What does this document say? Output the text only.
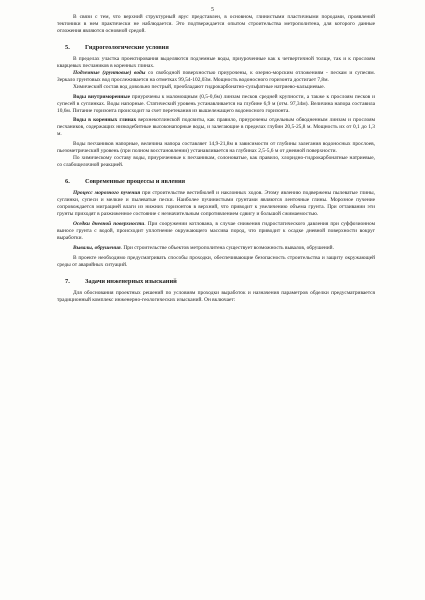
5

В связи с тем, что верхний структурный ярус представлен, в основном, глинистыми пластичными породами, проявлений тектоники в нем практически не наблюдается. Это подтверждается опытом строительства метрополитена, для которого данные отложения являются основной средой.

5. Гидрогеологические условия

В пределах участка проектирования выделяются подземные воды, приуроченные как к четвертичной толще, так и к прослоям кварцевых песчаников в коренных глинах.

Подземные (грунтовые) воды со свободной поверхностью приурочены, к озерно-морским отложениям - пескам и супесям. Зеркало грунтовых вод прослеживается на отметках 99,54-102,03м. Мощность водоносного горизонта достигает 7,8м.

Химический состав вод довольно пестрый, преобладают гидрокарбонатно-сульфатные натриево-кальциевые.

Воды внутриморенные приурочены к маломощным (0,5-0,6м) линзам песков средней крупности, а также к прослоям песков и супесей в суглинках. Воды напорные. Статический уровень устанавливается на глубине 6,9 м (отм. 97,34м). Величина напора составила 10,6м. Питание горизонта происходит за счет перетекания из вышележащего водоносного горизонта.

Воды в коренных глинах верхнекотлинской подсвиты, как правило, приурочены отдельным обводненным линзам и прослоям песчаников, содержащих низкодебитные высоконапорные воды, и залегающие в пределах глубин 20,5-25,8 м. Мощность их от 0,1 до 1,3 м.

Воды песчаников напорные, величина напора составляет 14,9-21,8м в зависимости от глубины залегания водоносных прослоев, пьезометрический уровень (при полном восстановлении) устанавливается на глубинах 2,5-5,6 м от дневной поверхности.

По химическому составу воды, приуроченные к песчаникам, солоноватые, как правило, хлоридно-гидрокарбонатные натриевые, со слабощелочной реакцией.

6. Современные процессы и явления

Процесс морозного пучения при строительстве вестибюлей и наклонных ходов. Этому явлению подвержены пылеватые глины, суглинки, супеси и мелкие и пылеватые пески. Наиболее пучинистыми грунтами являются ленточные глины. Морозное пучение сопровождается миграцией влаги из нижних горизонтов в верхний, что приводит к увеличению объема грунта. При оттаивании эти грунты приходят в разжиженное состояние с незначительным сопротивлением сдвигу и большой сжимаемостью.

Оседки дневной поверхности. При сооружении котлована, в случае снижения гидростатического давления при суффозионном выносе грунта с водой, происходит уплотнение окружающего массива пород, что приводит к осадке дневной поверхности вокруг выработки.

Вывалы, обрушения. При строительстве объектов метрополитена существует возможность вывалов, обрушений.

В проекте необходимо предусматривать способы проходки, обеспечивающие безопасность строительства и защиту окружающей среды от аварийных ситуаций.

7. Задачи инженерных изысканий

Для обоснования проектных решений по условиям проходки выработок и назначения параметров обделки предусматривается традиционный комплекс инженерно-геологических изысканий. Он включает:
